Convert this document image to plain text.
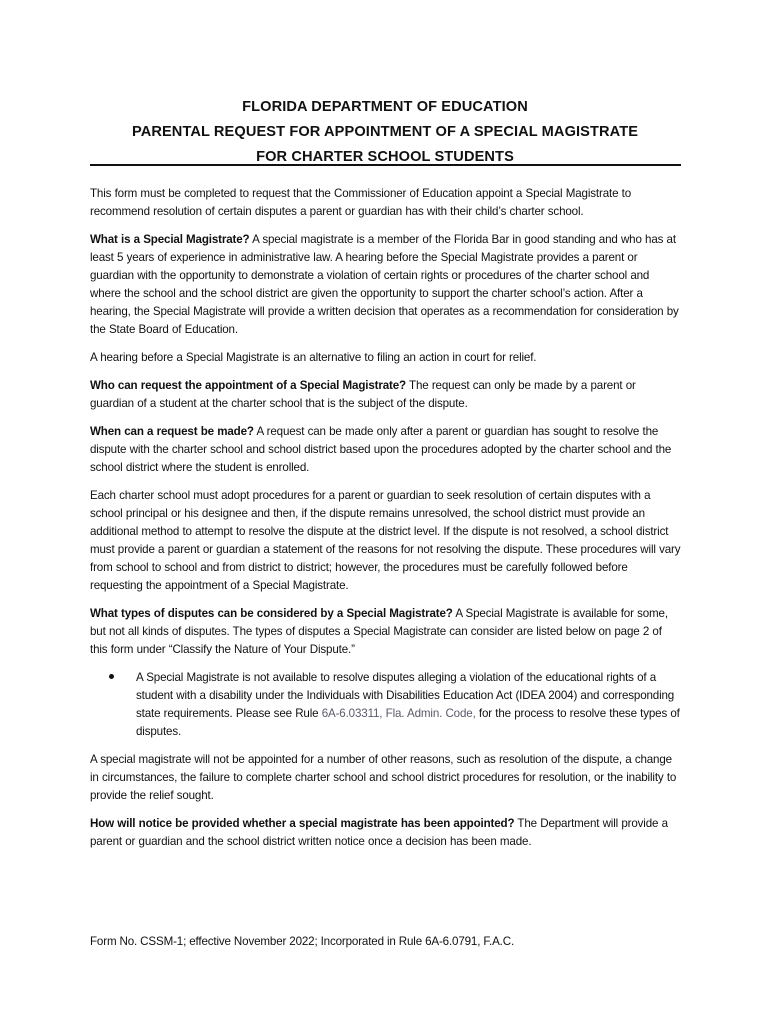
FLORIDA DEPARTMENT OF EDUCATION
PARENTAL REQUEST FOR APPOINTMENT OF A SPECIAL MAGISTRATE
FOR CHARTER SCHOOL STUDENTS

This form must be completed to request that the Commissioner of Education appoint a Special Magistrate to recommend resolution of certain disputes a parent or guardian has with their child’s charter school.

What is a Special Magistrate? A special magistrate is a member of the Florida Bar in good standing and who has at least 5 years of experience in administrative law. A hearing before the Special Magistrate provides a parent or guardian with the opportunity to demonstrate a violation of certain rights or procedures of the charter school and where the school and the school district are given the opportunity to support the charter school’s action. After a hearing, the Special Magistrate will provide a written decision that operates as a recommendation for consideration by the State Board of Education.

A hearing before a Special Magistrate is an alternative to filing an action in court for relief.

Who can request the appointment of a Special Magistrate? The request can only be made by a parent or guardian of a student at the charter school that is the subject of the dispute.

When can a request be made? A request can be made only after a parent or guardian has sought to resolve the dispute with the charter school and school district based upon the procedures adopted by the charter school and the school district where the student is enrolled.

Each charter school must adopt procedures for a parent or guardian to seek resolution of certain disputes with a school principal or his designee and then, if the dispute remains unresolved, the school district must provide an additional method to attempt to resolve the dispute at the district level. If the dispute is not resolved, a school district must provide a parent or guardian a statement of the reasons for not resolving the dispute. These procedures will vary from school to school and from district to district; however, the procedures must be carefully followed before requesting the appointment of a Special Magistrate.

What types of disputes can be considered by a Special Magistrate? A Special Magistrate is available for some, but not all kinds of disputes. The types of disputes a Special Magistrate can consider are listed below on page 2 of this form under “Classify the Nature of Your Dispute.”

A Special Magistrate is not available to resolve disputes alleging a violation of the educational rights of a student with a disability under the Individuals with Disabilities Education Act (IDEA 2004) and corresponding state requirements. Please see Rule 6A-6.03311, Fla. Admin. Code, for the process to resolve these types of disputes.

A special magistrate will not be appointed for a number of other reasons, such as resolution of the dispute, a change in circumstances, the failure to complete charter school and school district procedures for resolution, or the inability to provide the relief sought.

How will notice be provided whether a special magistrate has been appointed? The Department will provide a parent or guardian and the school district written notice once a decision has been made.

Form No. CSSM-1; effective November 2022; Incorporated in Rule 6A-6.0791, F.A.C.
